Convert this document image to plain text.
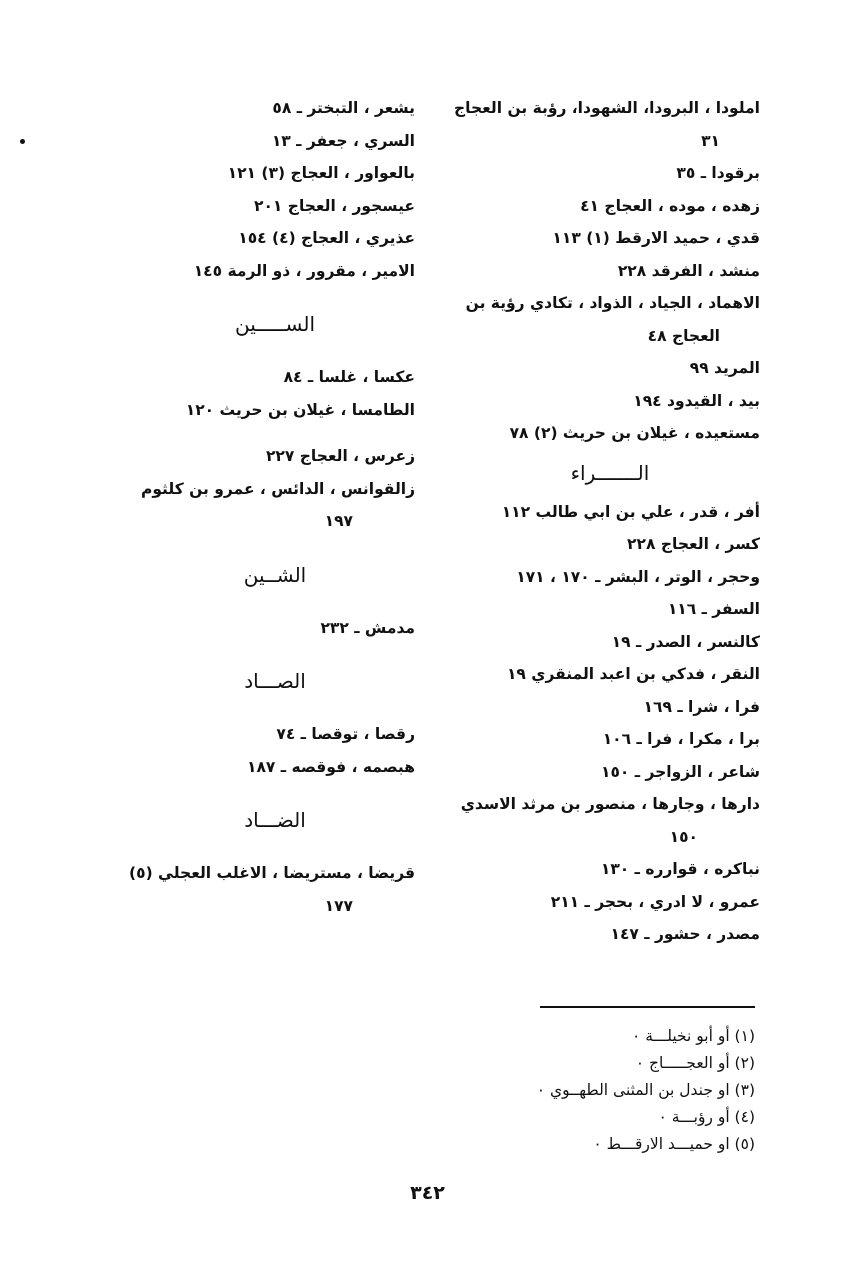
املودا ، البرودا، الشهودا، رؤبة بن العجاج
٣١
برقودا ـ ٣٥
زهده ، موده ، العجاج ٤١
قدي ، حميد الارقط (١) ١١٣
منشد ، الفرقد ٢٢٨
الاهماد ، الجياد ، الذواد ، تكادي رؤية بن
العجاج ٤٨
المريد ٩٩
بيد ، القيدود ١٩٤
مستعيده ، غيلان بن حريث (٢) ٧٨
الـــــــراء
أفر ، قدر ، علي بن ابي طالب ١١٢
كسر ، العجاج ٢٢٨
وحجر ، الوتر ، البشر ـ ١٧٠ ، ١٧١
السفر ـ ١١٦
كالنسر ، الصدر ـ ١٩
النقر ، فدكي بن اعبد المنقري ١٩
فرا ، شرا ـ ١٦٩
برا ، مكرا ، فرا ـ ١٠٦
شاعر ، الزواجر ـ ١٥٠
دارها ، وجارها ، منصور بن مرثد الاسدي
١٥٠
نباكره ، قوارره ـ ١٣٠
عمرو ، لا ادري ، بحجر ـ ٢١١
مصدر ، حشور ـ ١٤٧
يشعر ، التبختر ـ ٥٨
السري ، جعفر ـ ١٣
بالعواور ، العجاج (٣) ١٢١
عيسجور ، العجاج ٢٠١
عذيري ، العجاج (٤) ١٥٤
الامير ، مقرور ، ذو الرمة ١٤٥
الســـــين
عكسا ، غلسا ـ ٨٤
الطامسا ، غيلان بن حريث ١٢٠
زعرس ، العجاج ٢٢٧
زالقوانس ، الدائس ، عمرو بن كلثوم
١٩٧
الشــين
مدمش ـ ٢٣٢
الصـــاد
رقصا ، توقصا ـ ٧٤
هبصمه ، فوقصه ـ ١٨٧
الضـــاد
قريضا ، مستريضا ، الاغلب العجلي (٥)
١٧٧
(١) أو أبو نخيلـــة ٠
(٢) أو العجـــــاج ٠
(٣) او جندل بن المثنى الطهــوي ٠
(٤) أو رؤبـــة ٠
(٥) او حميـــد الارقـــط ٠
٣٤٢
